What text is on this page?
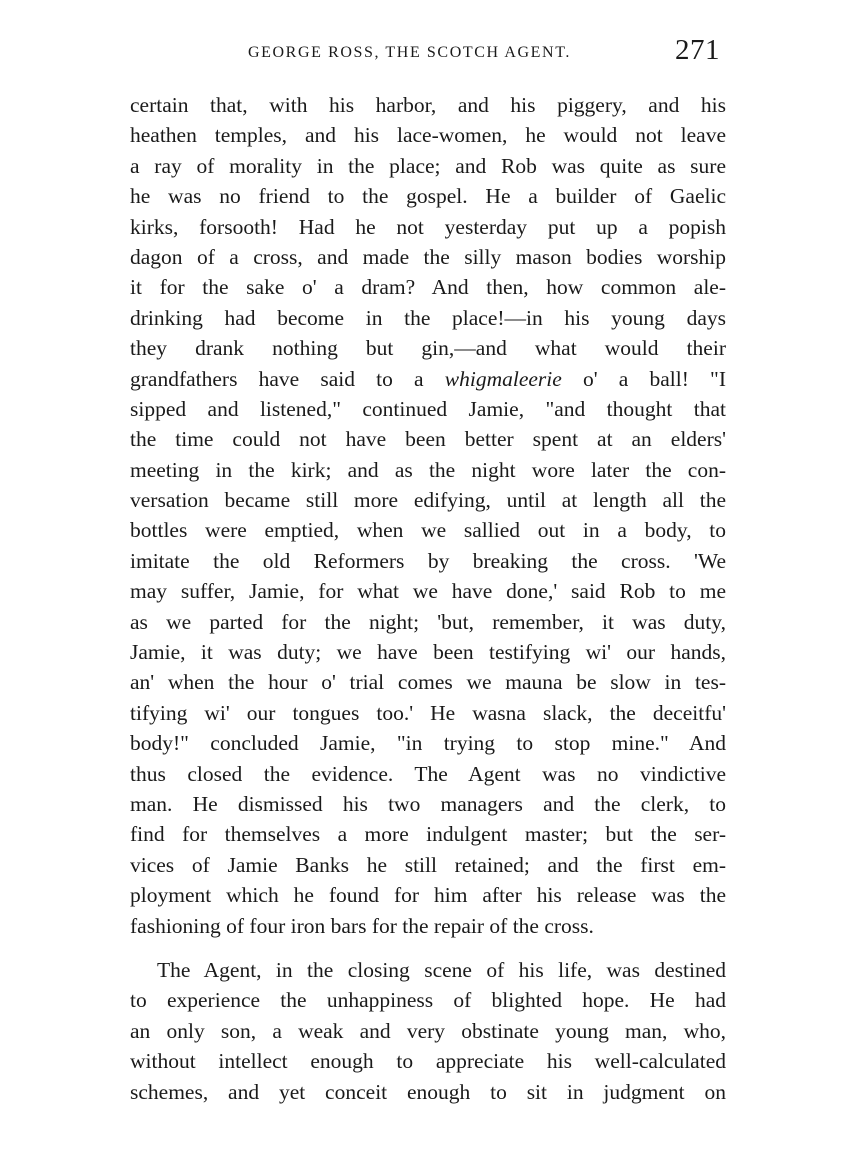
GEORGE ROSS, THE SCOTCH AGENT.	271
certain that, with his harbor, and his piggery, and his
heathen temples, and his lace-women, he would not leave
a ray of morality in the place; and Rob was quite as sure
he was no friend to the gospel. He a builder of Gaelic
kirks, forsooth! Had he not yesterday put up a popish
dagon of a cross, and made the silly mason bodies worship
it for the sake o' a dram? And then, how common ale-
drinking had become in the place!—in his young days
they drank nothing but gin,—and what would their
grandfathers have said to a whigmaleerie o' a ball! "I
sipped and listened," continued Jamie, "and thought that
the time could not have been better spent at an elders'
meeting in the kirk; and as the night wore later the con-
versation became still more edifying, until at length all the
bottles were emptied, when we sallied out in a body, to
imitate the old Reformers by breaking the cross. 'We
may suffer, Jamie, for what we have done,' said Rob to me
as we parted for the night; 'but, remember, it was duty,
Jamie, it was duty; we have been testifying wi' our hands,
an' when the hour o' trial comes we mauna be slow in tes-
tifying wi' our tongues too.' He wasna slack, the deceitfu'
body!" concluded Jamie, "in trying to stop mine." And
thus closed the evidence. The Agent was no vindictive
man. He dismissed his two managers and the clerk, to
find for themselves a more indulgent master; but the ser-
vices of Jamie Banks he still retained; and the first em-
ployment which he found for him after his release was the
fashioning of four iron bars for the repair of the cross.
The Agent, in the closing scene of his life, was destined
to experience the unhappiness of blighted hope. He had
an only son, a weak and very obstinate young man, who,
without intellect enough to appreciate his well-calculated
schemes, and yet conceit enough to sit in judgment on
